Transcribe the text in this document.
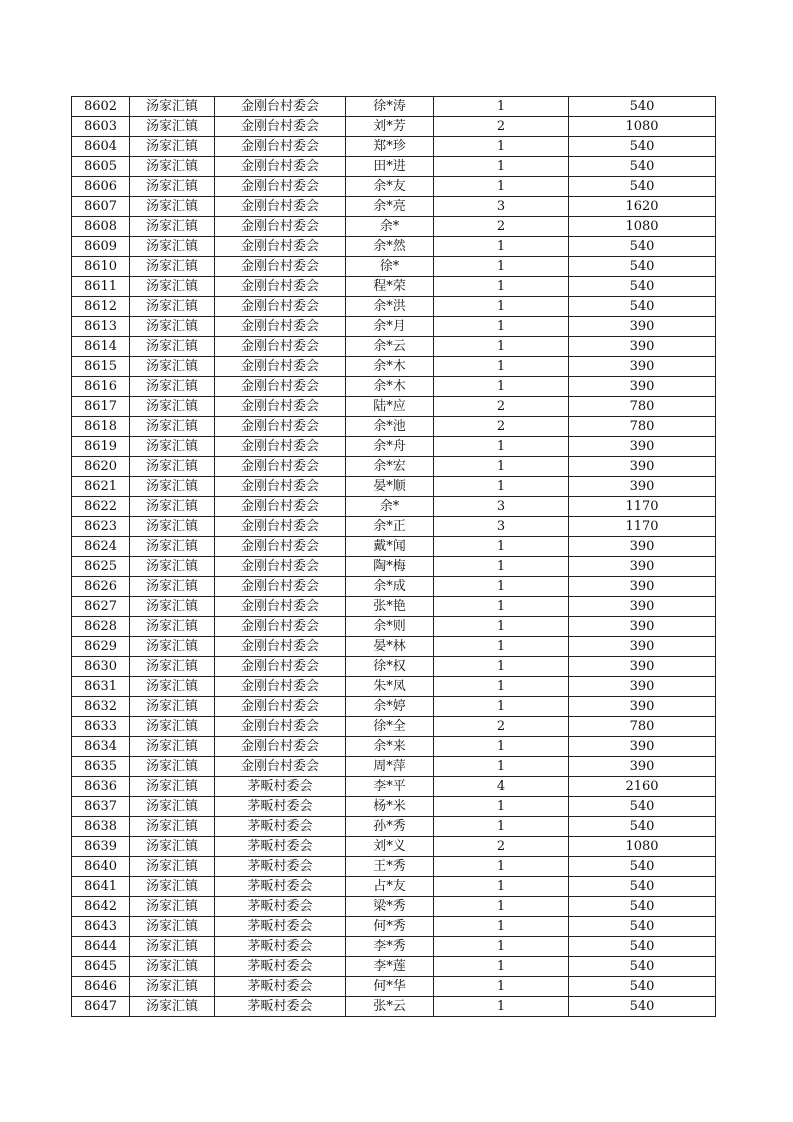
8602	汤家汇镇	金刚台村委会	徐*涛	1	540
8603	汤家汇镇	金刚台村委会	刘*芳	2	1080
8604	汤家汇镇	金刚台村委会	郑*珍	1	540
8605	汤家汇镇	金刚台村委会	田*进	1	540
8606	汤家汇镇	金刚台村委会	余*友	1	540
8607	汤家汇镇	金刚台村委会	余*亮	3	1620
8608	汤家汇镇	金刚台村委会	余*	2	1080
8609	汤家汇镇	金刚台村委会	余*然	1	540
8610	汤家汇镇	金刚台村委会	徐*	1	540
8611	汤家汇镇	金刚台村委会	程*荣	1	540
8612	汤家汇镇	金刚台村委会	余*洪	1	540
8613	汤家汇镇	金刚台村委会	余*月	1	390
8614	汤家汇镇	金刚台村委会	余*云	1	390
8615	汤家汇镇	金刚台村委会	余*木	1	390
8616	汤家汇镇	金刚台村委会	余*木	1	390
8617	汤家汇镇	金刚台村委会	陆*应	2	780
8618	汤家汇镇	金刚台村委会	余*池	2	780
8619	汤家汇镇	金刚台村委会	余*舟	1	390
8620	汤家汇镇	金刚台村委会	余*宏	1	390
8621	汤家汇镇	金刚台村委会	晏*顺	1	390
8622	汤家汇镇	金刚台村委会	余*	3	1170
8623	汤家汇镇	金刚台村委会	余*正	3	1170
8624	汤家汇镇	金刚台村委会	戴*闻	1	390
8625	汤家汇镇	金刚台村委会	陶*梅	1	390
8626	汤家汇镇	金刚台村委会	余*成	1	390
8627	汤家汇镇	金刚台村委会	张*艳	1	390
8628	汤家汇镇	金刚台村委会	余*则	1	390
8629	汤家汇镇	金刚台村委会	晏*林	1	390
8630	汤家汇镇	金刚台村委会	徐*权	1	390
8631	汤家汇镇	金刚台村委会	朱*凤	1	390
8632	汤家汇镇	金刚台村委会	余*婷	1	390
8633	汤家汇镇	金刚台村委会	徐*全	2	780
8634	汤家汇镇	金刚台村委会	余*来	1	390
8635	汤家汇镇	金刚台村委会	周*萍	1	390
8636	汤家汇镇	茅畈村委会	李*平	4	2160
8637	汤家汇镇	茅畈村委会	杨*米	1	540
8638	汤家汇镇	茅畈村委会	孙*秀	1	540
8639	汤家汇镇	茅畈村委会	刘*义	2	1080
8640	汤家汇镇	茅畈村委会	王*秀	1	540
8641	汤家汇镇	茅畈村委会	占*友	1	540
8642	汤家汇镇	茅畈村委会	梁*秀	1	540
8643	汤家汇镇	茅畈村委会	何*秀	1	540
8644	汤家汇镇	茅畈村委会	李*秀	1	540
8645	汤家汇镇	茅畈村委会	李*莲	1	540
8646	汤家汇镇	茅畈村委会	何*华	1	540
8647	汤家汇镇	茅畈村委会	张*云	1	540
